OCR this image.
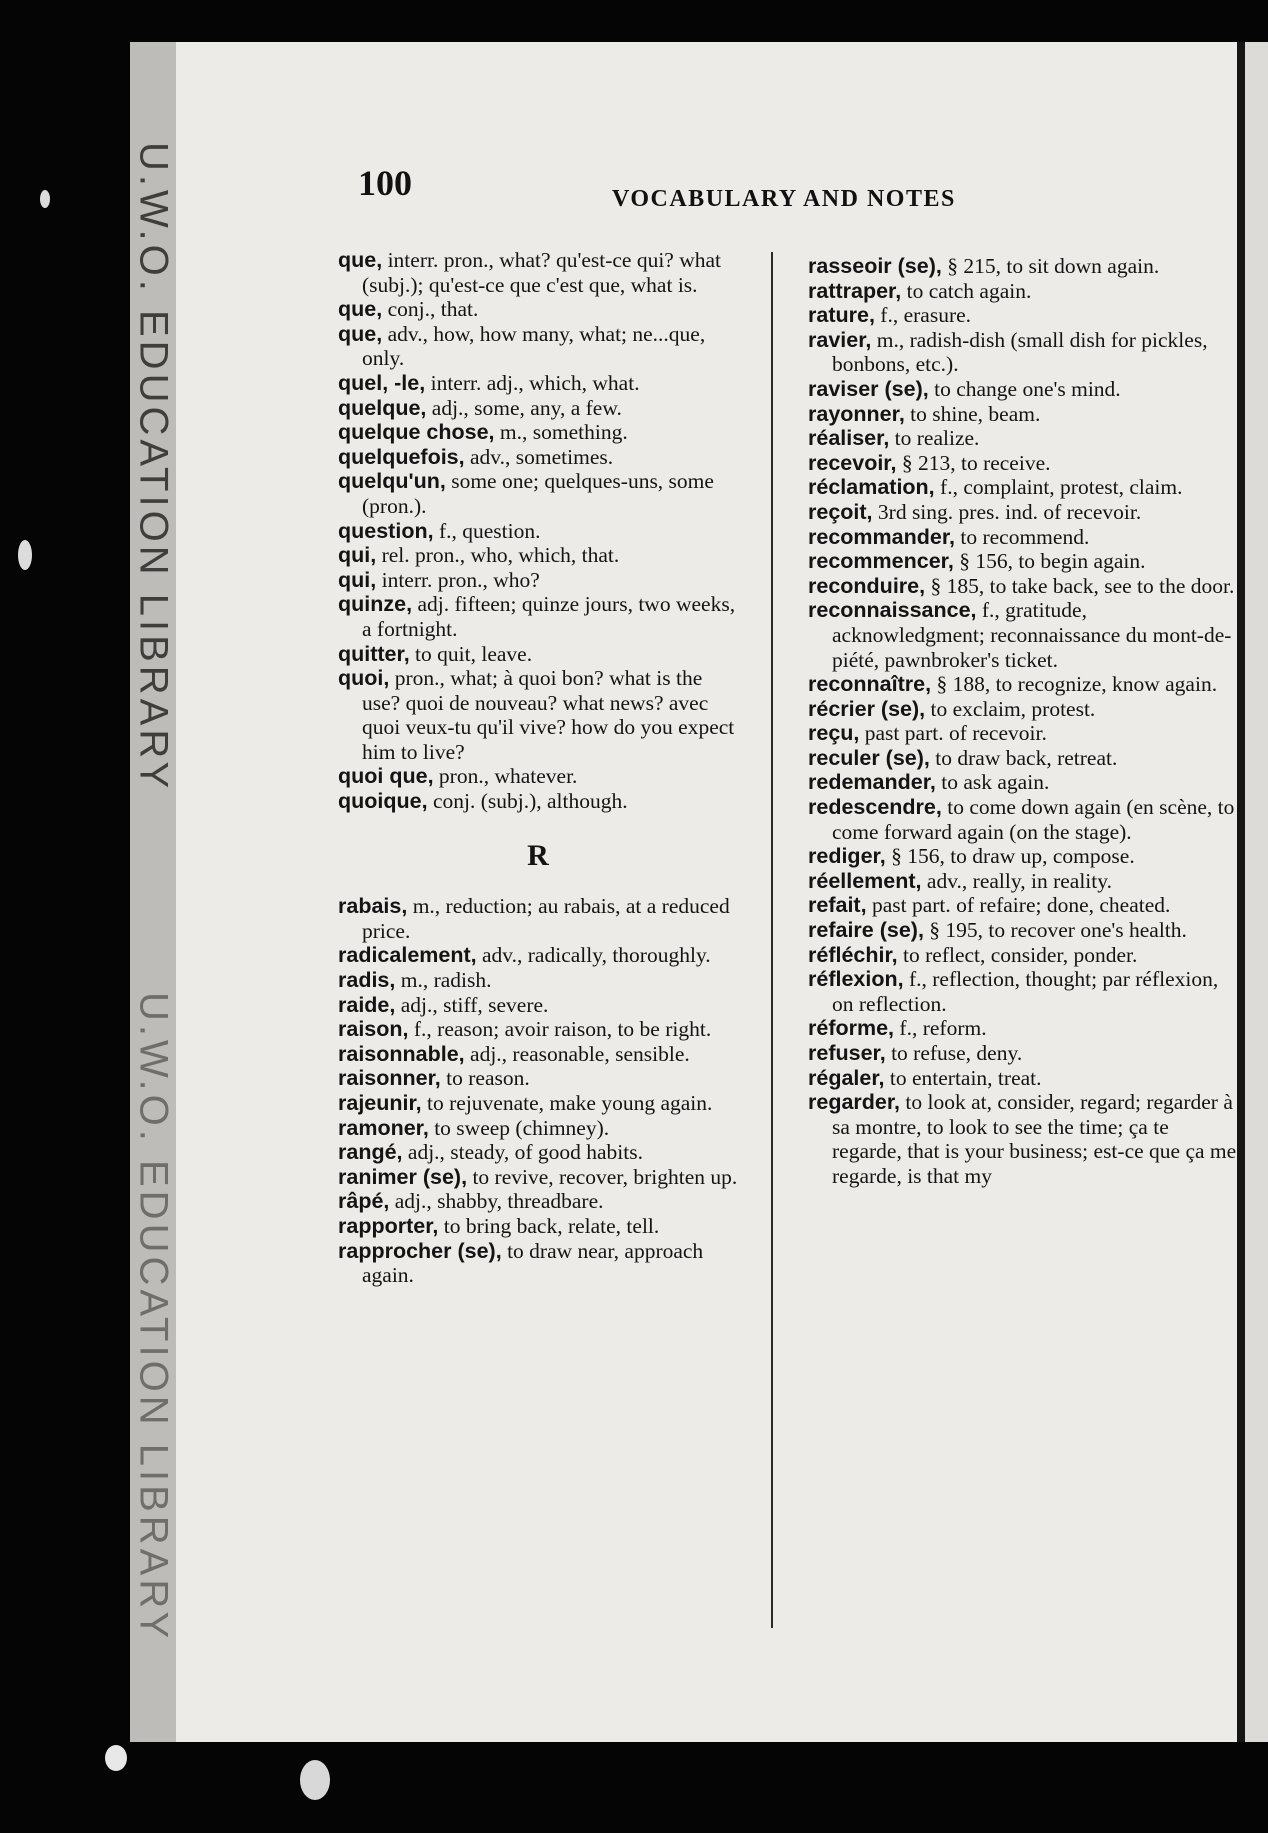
U.W.O. EDUCATION LIBRARY
U.W.O. EDUCATION LIBRARY
100	VOCABULARY AND NOTES

que, interr. pron., what? qu'est-ce qui? what (subj.); qu'est-ce que c'est que, what is.

que, conj., that.

que, adv., how, how many, what; ne...que, only.

quel, -le, interr. adj., which, what.

quelque, adj., some, any, a few.

quelque chose, m., something.

quelquefois, adv., sometimes.

quelqu'un, some one; quelques-uns, some (pron.).

question, f., question.

qui, rel. pron., who, which, that.

qui, interr. pron., who?

quinze, adj. fifteen; quinze jours, two weeks, a fortnight.

quitter, to quit, leave.

quoi, pron., what; à quoi bon? what is the use? quoi de nouveau? what news? avec quoi veux-tu qu'il vive? how do you expect him to live?

quoi que, pron., whatever.

quoique, conj. (subj.), although.

R

rabais, m., reduction; au rabais, at a reduced price.

radicalement, adv., radically, thoroughly.

radis, m., radish.

raide, adj., stiff, severe.

raison, f., reason; avoir raison, to be right.

raisonnable, adj., reasonable, sensible.

raisonner, to reason.

rajeunir, to rejuvenate, make young again.

ramoner, to sweep (chimney).

rangé, adj., steady, of good habits.

ranimer (se), to revive, recover, brighten up.

râpé, adj., shabby, threadbare.

rapporter, to bring back, relate, tell.

rapprocher (se), to draw near, approach again.

rasseoir (se), § 215, to sit down again.

rattraper, to catch again.

rature, f., erasure.

ravier, m., radish-dish (small dish for pickles, bonbons, etc.).

raviser (se), to change one's mind.

rayonner, to shine, beam.

réaliser, to realize.

recevoir, § 213, to receive.

réclamation, f., complaint, protest, claim.

reçoit, 3rd sing. pres. ind. of recevoir.

recommander, to recommend.

recommencer, § 156, to begin again.

reconduire, § 185, to take back, see to the door.

reconnaissance, f., gratitude, acknowledgment; reconnaissance du mont-de-piété, pawnbroker's ticket.

reconnaître, § 188, to recognize, know again.

récrier (se), to exclaim, protest.

reçu, past part. of recevoir.

reculer (se), to draw back, retreat.

redemander, to ask again.

redescendre, to come down again (en scène, to come forward again (on the stage).

rediger, § 156, to draw up, compose.

réellement, adv., really, in reality.

refait, past part. of refaire; done, cheated.

refaire (se), § 195, to recover one's health.

réfléchir, to reflect, consider, ponder.

réflexion, f., reflection, thought; par réflexion, on reflection.

réforme, f., reform.

refuser, to refuse, deny.

régaler, to entertain, treat.

regarder, to look at, consider, regard; regarder à sa montre, to look to see the time; ça te regarde, that is your business; est-ce que ça me regarde, is that my
